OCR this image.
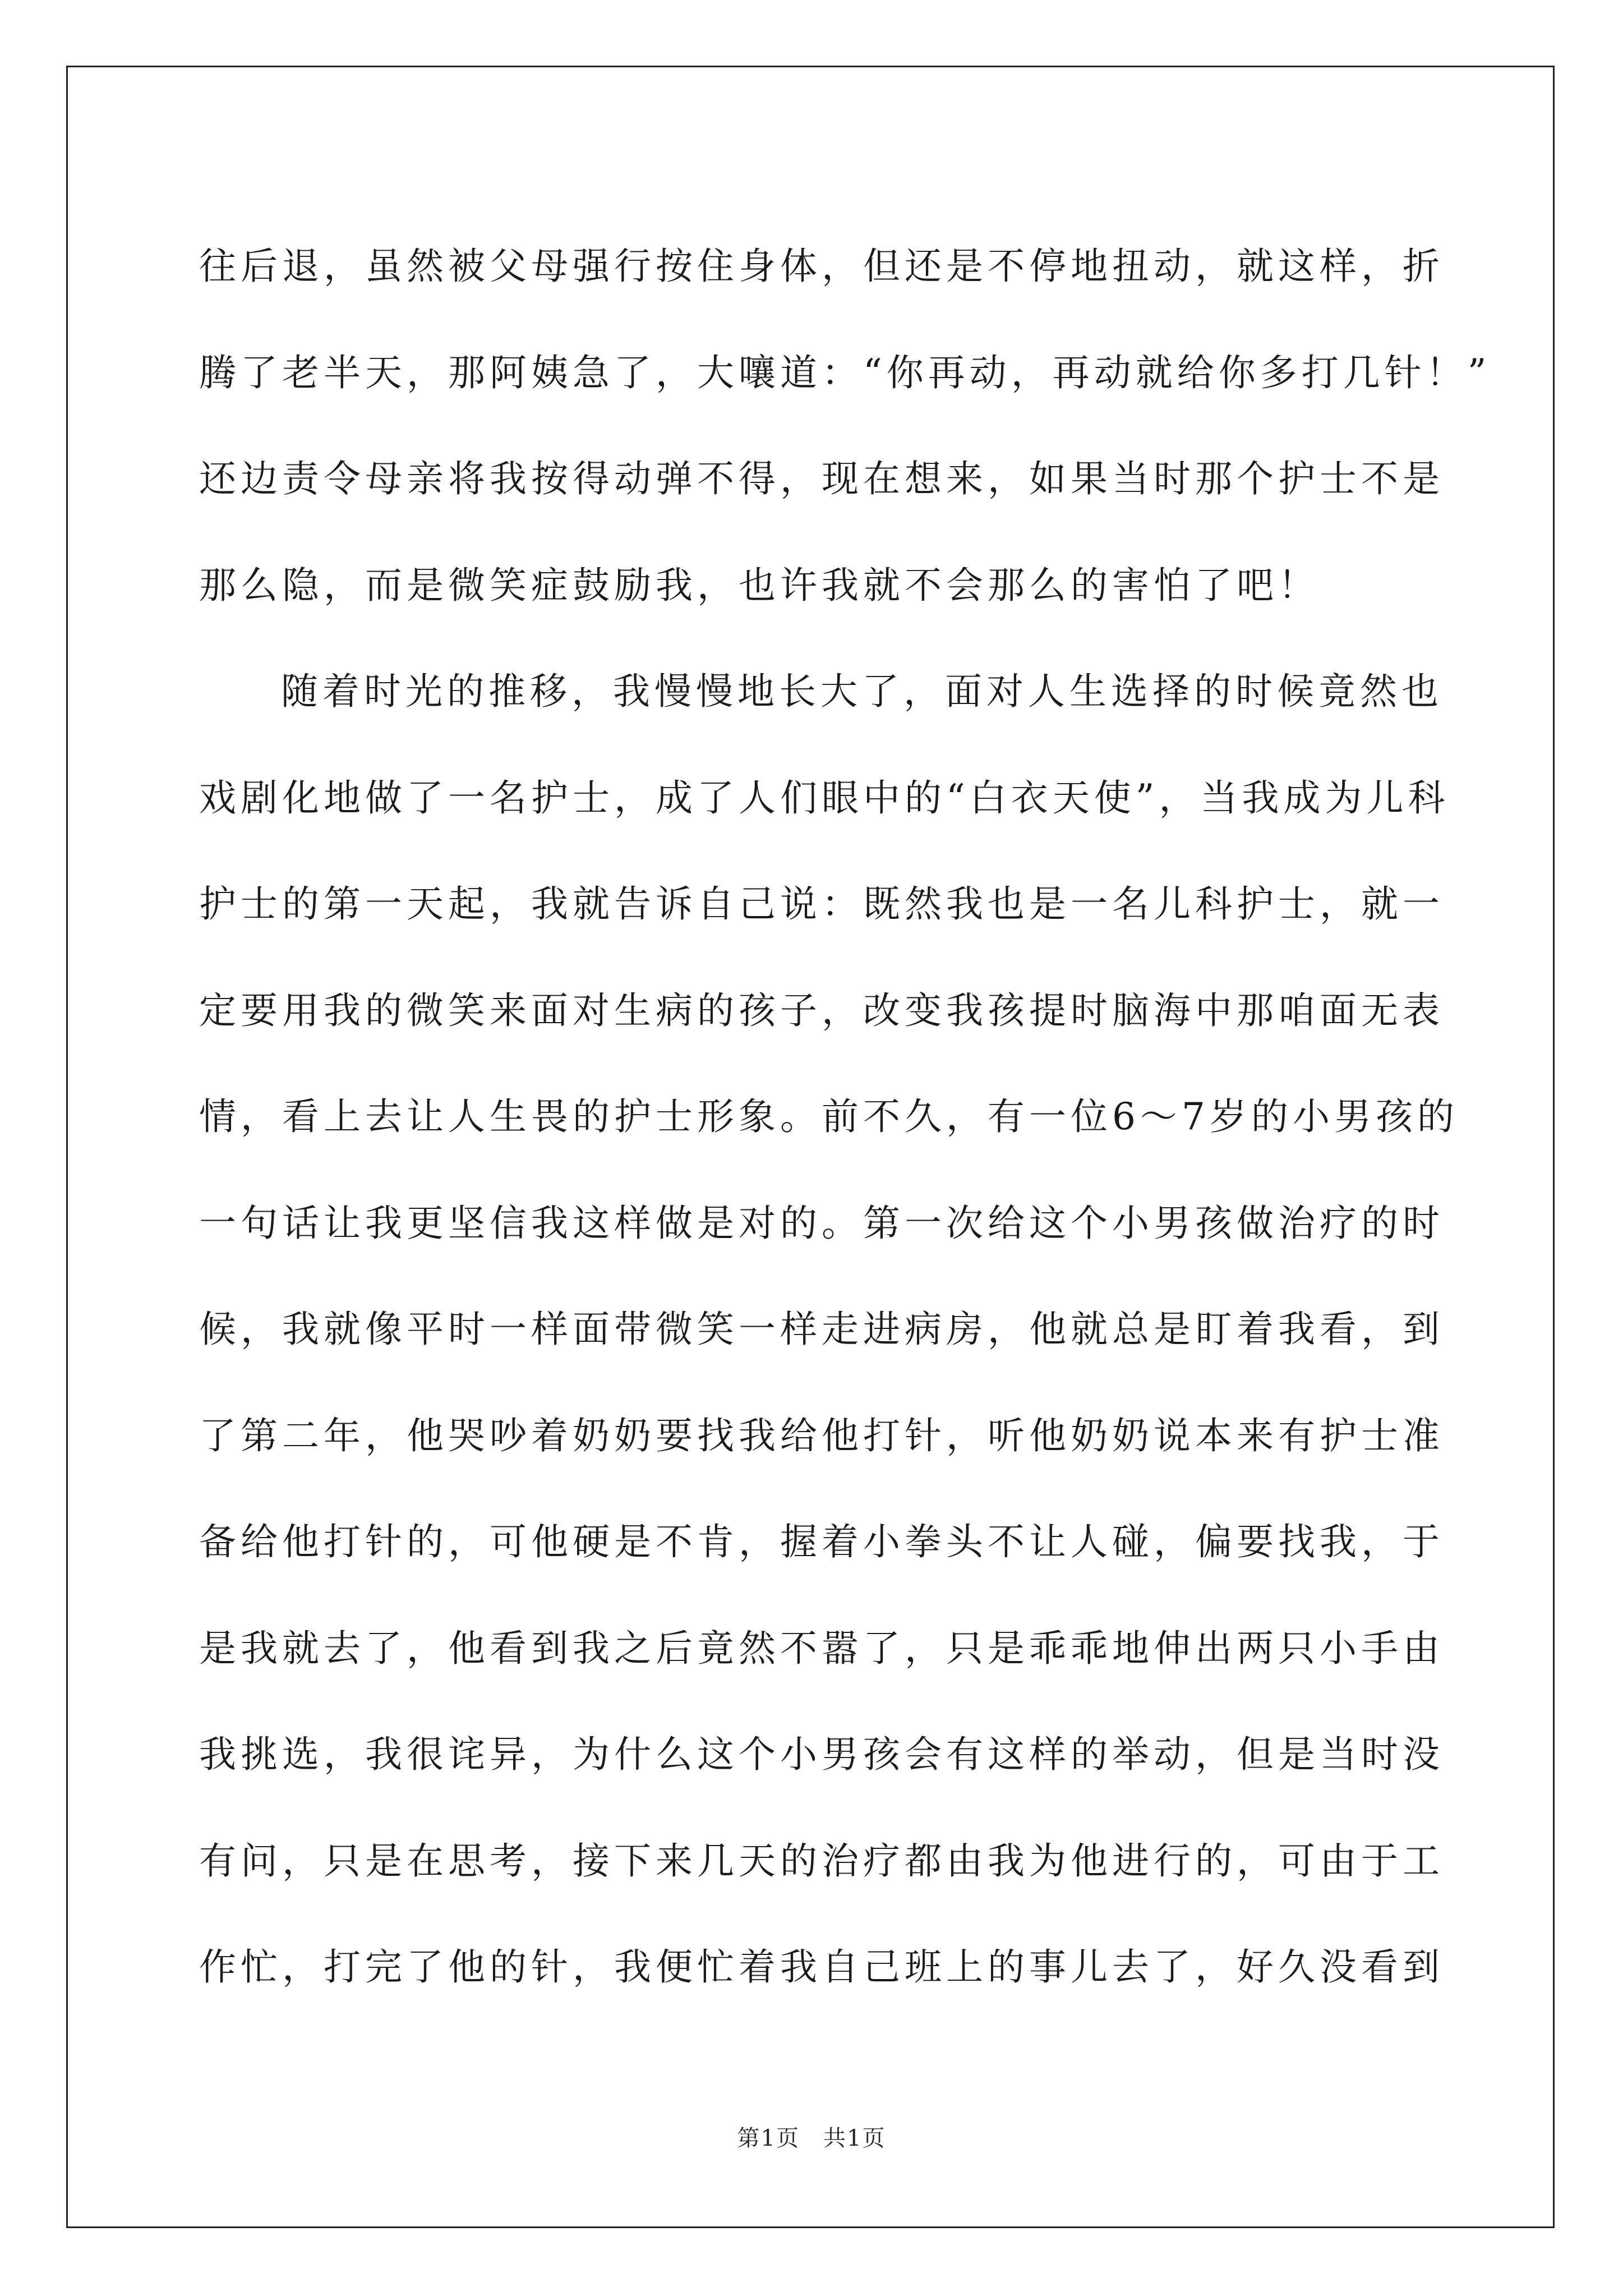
往后退，虽然被父母强行按住身体，但还是不停地扭动，就这样，折
腾了老半天，那阿姨急了，大嚷道：“你再动，再动就给你多打几针！”
还边责令母亲将我按得动弹不得，现在想来，如果当时那个护士不是
那么隐，而是微笑症鼓励我，也许我就不会那么的害怕了吧！
随着时光的推移，我慢慢地长大了，面对人生选择的时候竟然也
戏剧化地做了一名护士，成了人们眼中的“白衣天使”，当我成为儿科
护士的第一天起，我就告诉自己说：既然我也是一名儿科护士，就一
定要用我的微笑来面对生病的孩子，改变我孩提时脑海中那咱面无表
情，看上去让人生畏的护士形象。前不久，有一位6～7岁的小男孩的
一句话让我更坚信我这样做是对的。第一次给这个小男孩做治疗的时
候，我就像平时一样面带微笑一样走进病房，他就总是盯着我看，到
了第二年，他哭吵着奶奶要找我给他打针，听他奶奶说本来有护士准
备给他打针的，可他硬是不肯，握着小拳头不让人碰，偏要找我，于
是我就去了，他看到我之后竟然不嚣了，只是乖乖地伸出两只小手由
我挑选，我很诧异，为什么这个小男孩会有这样的举动，但是当时没
有问，只是在思考，接下来几天的治疗都由我为他进行的，可由于工
作忙，打完了他的针，我便忙着我自己班上的事儿去了，好久没看到
第1页　共1页
